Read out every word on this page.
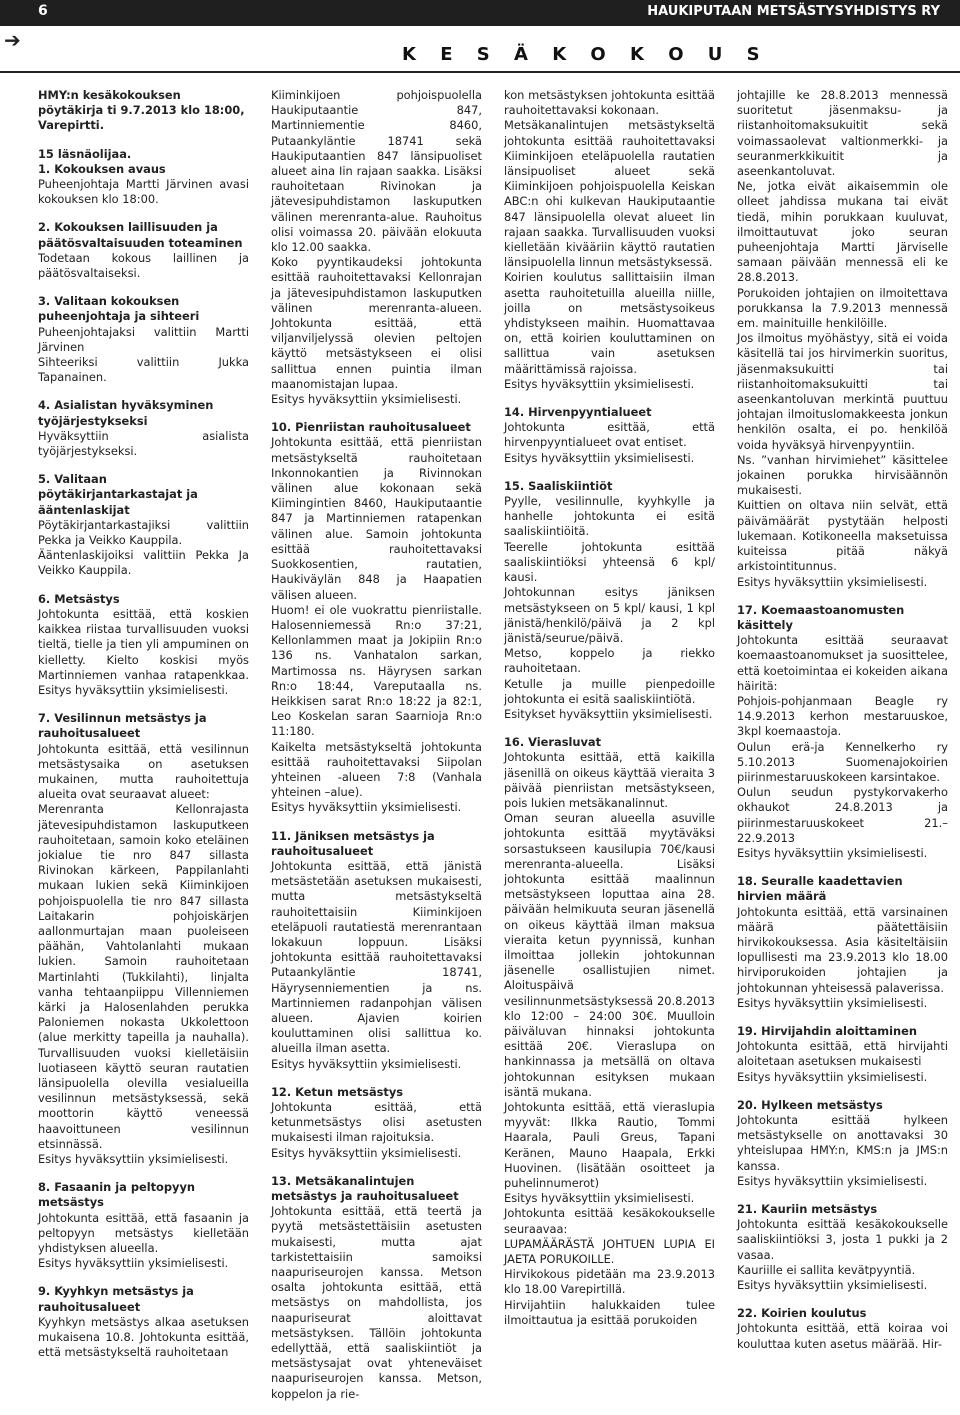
6	HAUKIPUTAAN METSÄSTYSYHDISTYS RY
➔
K E S Ä K O K O U S

HMY:n kesäkokouksen pöytäkirja ti 9.7.2013 klo 18:00, Varepirtti.

15 läsnäolijaa.
1. Kokouksen avaus
Puheenjohtaja Martti Järvinen avasi kokouksen klo 18:00.

2. Kokouksen laillisuuden ja päätösvaltaisuuden toteaminen
Todetaan kokous laillinen ja päätösvaltaiseksi.

3. Valitaan kokouksen puheenjohtaja ja sihteeri
Puheenjohtajaksi valittiin Martti Järvinen
Sihteeriksi valittiin Jukka Tapanainen.

4. Asialistan hyväksyminen työjärjestykseksi
Hyväksyttiin asialista työjärjestykseksi.

5. Valitaan pöytäkirjantarkastajat ja ääntenlaskijat
Pöytäkirjantarkastajiksi valittiin Pekka ja Veikko Kauppila.
Ääntenlaskijoiksi valittiin Pekka Ja Veikko Kauppila.

6. Metsästys
Johtokunta esittää, että koskien kaikkea riistaa turvallisuuden vuoksi tieltä, tielle ja tien yli ampuminen on kielletty. Kielto koskisi myös Martinniemen vanhaa ratapenkkaa. Esitys hyväksyttiin yksimielisesti.

7. Vesilinnun metsästys ja rauhoitusalueet
Johtokunta esittää, että vesilinnun metsästysaika on asetuksen mukainen, mutta rauhoitettuja alueita ovat seuraavat alueet:
Merenranta Kellonrajasta jätevesipuhdistamon laskuputkeen rauhoitetaan, samoin koko eteläinen jokialue tie nro 847 sillasta Rivinokan kärkeen, Pappilanlahti mukaan lukien sekä Kiiminkijoen pohjoispuolella tie nro 847 sillasta Laitakarin pohjoiskärjen aallonmurtajan maan puoleiseen päähän, Vahtolanlahti mukaan lukien. Samoin rauhoitetaan Martinlahti (Tukkilahti), linjalta vanha tehtaanpiippu Villenniemen kärki ja Halosenlahden perukka Paloniemen nokasta Ukkolettoon (alue merkitty tapeilla ja nauhalla). Turvallisuuden vuoksi kielletäisiin luotiaseen käyttö seuran rautatien länsipuolella olevilla vesialueilla vesilinnun metsästyksessä, sekä moottorin käyttö veneessä haavoittuneen vesilinnun etsinnässä.
Esitys hyväksyttiin yksimielisesti.

8. Fasaanin ja peltopyyn metsästys
Johtokunta esittää, että fasaanin ja peltopyyn metsästys kielletään yhdistyksen alueella.
Esitys hyväksyttiin yksimielisesti.

9. Kyyhkyn metsästys ja rauhoitusalueet
Kyyhkyn metsästys alkaa asetuksen mukaisena 10.8. Johtokunta esittää, että metsästykseltä rauhoitetaan

Kiiminkijoen pohjoispuolella Haukiputaantie 847, Martinniementie 8460, Putaankyläntie 18741 sekä Haukiputaantien 847 länsipuoliset alueet aina Iin rajaan saakka. Lisäksi rauhoitetaan Rivinokan ja jätevesipuhdistamon laskuputken välinen merenranta-alue. Rauhoitus olisi voimassa 20. päivään elokuuta klo 12.00 saakka.
Koko pyyntikaudeksi johtokunta esittää rauhoitettavaksi Kellonrajan ja jätevesipuhdistamon laskuputken välinen merenranta-alueen. Johtokunta esittää, että viljanviljelyssä olevien peltojen käyttö metsästykseen ei olisi sallittua ennen puintia ilman maanomistajan lupaa.
Esitys hyväksyttiin yksimielisesti.

10. Pienriistan rauhoitusalueet
Johtokunta esittää, että pienriistan metsästykseltä rauhoitetaan Inkonnokantien ja Rivinnokan välinen alue kokonaan sekä Kiimingintien 8460, Haukiputaantie 847 ja Martinniemen ratapenkan välinen alue. Samoin johtokunta esittää rauhoitettavaksi Suokkosentien, rautatien, Haukiväylän 848 ja Haapatien välisen alueen.
Huom! ei ole vuokrattu pienriistalle. Halosenniemessä Rn:o 37:21, Kellonlammen maat ja Jokipiin Rn:o 136 ns. Vanhatalon sarkan, Martimossa ns. Häyrysen sarkan Rn:o 18:44, Vareputaalla ns. Heikkisen sarat Rn:o 18:22 ja 82:1, Leo Koskelan saran Saarnioja Rn:o 11:180.
Kaikelta metsästykseltä johtokunta esittää rauhoitettavaksi Siipolan yhteinen -alueen 7:8 (Vanhala yhteinen –alue).
Esitys hyväksyttiin yksimielisesti.

11. Jäniksen metsästys ja rauhoitusalueet
Johtokunta esittää, että jänistä metsästetään asetuksen mukaisesti, mutta metsästykseltä rauhoitettaisiin Kiiminkijoen eteläpuoli rautatiestä merenrantaan lokakuun loppuun. Lisäksi johtokunta esittää rauhoitettavaksi Putaankyläntie 18741, Häyrysenniementien ja ns. Martinniemen radanpohjan välisen alueen. Ajavien koirien kouluttaminen olisi sallittua ko. alueilla ilman asetta.
Esitys hyväksyttiin yksimielisesti.

12. Ketun metsästys
Johtokunta esittää, että ketunmetsästys olisi asetusten mukaisesti ilman rajoituksia.
Esitys hyväksyttiin yksimielisesti.

13. Metsäkanalintujen metsästys ja rauhoitusalueet
Johtokunta esittää, että teertä ja pyytä metsästettäisiin asetusten mukaisesti, mutta ajat tarkistettaisiin samoiksi naapuriseurojen kanssa. Metson osalta johtokunta esittää, että metsästys on mahdollista, jos naapuriseurat aloittavat metsästyksen. Tällöin johtokunta edellyttää, että saaliskiintiöt ja metsästysajat ovat yhteneväiset naapuriseurojen kanssa. Metson, koppelon ja rie-

kon metsästyksen johtokunta esittää rauhoitettavaksi kokonaan.
Metsäkanalintujen metsästykseltä johtokunta esittää rauhoitettavaksi Kiiminkijoen eteläpuolella rautatien länsipuoliset alueet sekä Kiiminkijoen pohjoispuolella Keiskan ABC:n ohi kulkevan Haukiputaantie 847 länsipuolella olevat alueet Iin rajaan saakka. Turvallisuuden vuoksi kielletään kivääriin käyttö rautatien länsipuolella linnun metsästyksessä.
Koirien koulutus sallittaisiin ilman asetta rauhoitetuilla alueilla niille, joilla on metsästysoikeus yhdistykseen maihin. Huomattavaa on, että koirien kouluttaminen on sallittua vain asetuksen määrittämissä rajoissa.
Esitys hyväksyttiin yksimielisesti.

14. Hirvenpyyntialueet
Johtokunta esittää, että hirvenpyyntialueet ovat entiset.
Esitys hyväksyttiin yksimielisesti.

15. Saaliskiintiöt
Pyylle, vesilinnulle, kyyhkylle ja hanhelle johtokunta ei esitä saaliskiintiöitä.
Teerelle johtokunta esittää saaliskiintiöksi yhteensä 6 kpl/ kausi.
Johtokunnan esitys jäniksen metsästykseen on 5 kpl/ kausi, 1 kpl jänistä/henkilö/päivä ja 2 kpl jänistä/seurue/päivä.
Metso, koppelo ja riekko rauhoitetaan.
Ketulle ja muille pienpedoille johtokunta ei esitä saaliskiintiötä.
Esitykset hyväksyttiin yksimielisesti.

16. Vierasluvat
Johtokunta esittää, että kaikilla jäsenillä on oikeus käyttää vieraita 3 päivää pienriistan metsästykseen, pois lukien metsäkanalinnut.
Oman seuran alueella asuville johtokunta esittää myytäväksi sorsastukseen kausilupia 70€/kausi merenranta-alueella. Lisäksi johtokunta esittää maalinnun metsästykseen loputtaa aina 28. päivään helmikuuta seuran jäsenellä on oikeus käyttää ilman maksua vieraita ketun pyynnissä, kunhan ilmoittaa jollekin johtokunnan jäsenelle osallistujien nimet. Aloituspäivä vesilinnunmetsästyksessä 20.8.2013 klo 12:00 – 24:00 30€. Muulloin päiväluvan hinnaksi johtokunta esittää 20€. Vieraslupa on hankinnassa ja metsällä on oltava johtokunnan esityksen mukaan isäntä mukana.
Johtokunta esittää, että vieraslupia myyvät: Ilkka Rautio, Tommi Haarala, Pauli Greus, Tapani Keränen, Mauno Haapala, Erkki Huovinen. (lisätään osoitteet ja puhelinnumerot)
Esitys hyväksyttiin yksimielisesti.
Johtokunta esittää kesäkokoukselle seuraavaa:
LUPAMÄÄRÄSTÄ JOHTUEN LUPIA EI JAETA PORUKOILLE.
Hirvikokous pidetään ma 23.9.2013 klo 18.00 Varepirtillä.
Hirvijahtiin halukkaiden tulee ilmoittautua ja esittää porukoiden

johtajille ke 28.8.2013 mennessä suoritetut jäsenmaksu- ja riistanhoitomaksukuitit sekä voimassaolevat valtionmerkki- ja seuranmerkkikuitit ja aseenkantoluvat.
Ne, jotka eivät aikaisemmin ole olleet jahdissa mukana tai eivät tiedä, mihin porukkaan kuuluvat, ilmoittautuvat joko seuran puheenjohtaja Martti Järviselle samaan päivään mennessä eli ke 28.8.2013.
Porukoiden johtajien on ilmoitettava porukkansa la 7.9.2013 mennessä em. mainituille henkilöille.
Jos ilmoitus myöhästyy, sitä ei voida käsitellä tai jos hirvimerkin suoritus, jäsenmaksukuitti tai riistanhoitomaksukuitti tai aseenkantoluvan merkintä puuttuu johtajan ilmoituslomakkeesta jonkun henkilön osalta, ei po. henkilöä voida hyväksyä hirvenpyyntiin.
Ns. ”vanhan hirvimiehet” käsittelee jokainen porukka hirvisäännön mukaisesti.
Kuittien on oltava niin selvät, että päivämäärät pystytään helposti lukemaan. Kotikoneella maksetuissa kuiteissa pitää näkyä arkistointitunnus.
Esitys hyväksyttiin yksimielisesti.

17. Koemaastoanomusten käsittely
Johtokunta esittää seuraavat koemaastoanomukset ja suosittelee, että koetoimintaa ei kokeiden aikana häiritä:
Pohjois-pohjanmaan Beagle ry 14.9.2013 kerhon mestaruuskoe, 3kpl koemaastoja.
Oulun erä-ja Kennelkerho ry 5.10.2013 Suomenajokoirien piirinmestaruuskokeen karsintakoe.
Oulun seudun pystykorvakerho okhaukot 24.8.2013 ja piirinmestaruuskokeet 21.–22.9.2013
Esitys hyväksyttiin yksimielisesti.

18. Seuralle kaadettavien hirvien määrä
Johtokunta esittää, että varsinainen määrä päätettäisiin hirvikokouksessa. Asia käsiteltäisiin lopullisesti ma 23.9.2013 klo 18.00 hirviporukoiden johtajien ja johtokunnan yhteisessä palaverissa.
Esitys hyväksyttiin yksimielisesti.

19. Hirvijahdin aloittaminen
Johtokunta esittää, että hirvijahti aloitetaan asetuksen mukaisesti
Esitys hyväksyttiin yksimielisesti.

20. Hylkeen metsästys
Johtokunta esittää hylkeen metsästykselle on anottavaksi 30 yhteislupaa HMY:n, KMS:n ja JMS:n kanssa.
Esitys hyväksyttiin yksimielisesti.

21. Kauriin metsästys
Johtokunta esittää kesäkokoukselle saaliskiintiöksi 3, josta 1 pukki ja 2 vasaa.
Kauriille ei sallita kevätpyyntiä.
Esitys hyväksyttiin yksimielisesti.

22. Koirien koulutus
Johtokunta esittää, että koiraa voi kouluttaa kuten asetus määrää. Hir-
